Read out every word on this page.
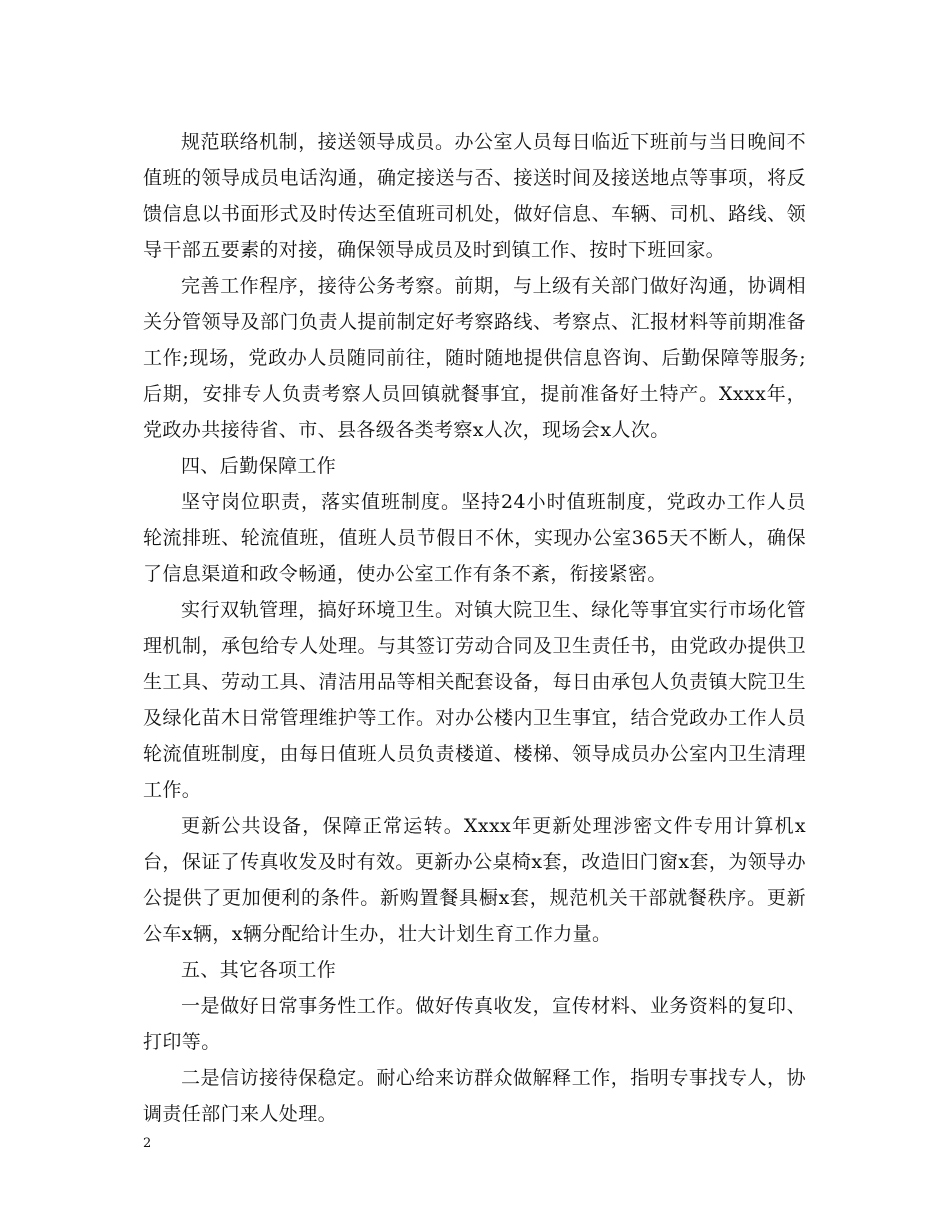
规范联络机制，接送领导成员。办公室人员每日临近下班前与当日晚间不值班的领导成员电话沟通，确定接送与否、接送时间及接送地点等事项，将反馈信息以书面形式及时传达至值班司机处，做好信息、车辆、司机、路线、领导干部五要素的对接，确保领导成员及时到镇工作、按时下班回家。

完善工作程序，接待公务考察。前期，与上级有关部门做好沟通，协调相关分管领导及部门负责人提前制定好考察路线、考察点、汇报材料等前期准备工作;现场，党政办人员随同前往，随时随地提供信息咨询、后勤保障等服务;后期，安排专人负责考察人员回镇就餐事宜，提前准备好土特产。Xxxx年，党政办共接待省、市、县各级各类考察x人次，现场会x人次。

四、后勤保障工作

坚守岗位职责，落实值班制度。坚持24小时值班制度，党政办工作人员轮流排班、轮流值班，值班人员节假日不休，实现办公室365天不断人，确保了信息渠道和政令畅通，使办公室工作有条不紊，衔接紧密。

实行双轨管理，搞好环境卫生。对镇大院卫生、绿化等事宜实行市场化管理机制，承包给专人处理。与其签订劳动合同及卫生责任书，由党政办提供卫生工具、劳动工具、清洁用品等相关配套设备，每日由承包人负责镇大院卫生及绿化苗木日常管理维护等工作。对办公楼内卫生事宜，结合党政办工作人员轮流值班制度，由每日值班人员负责楼道、楼梯、领导成员办公室内卫生清理工作。

更新公共设备，保障正常运转。Xxxx年更新处理涉密文件专用计算机x台，保证了传真收发及时有效。更新办公桌椅x套，改造旧门窗x套，为领导办公提供了更加便利的条件。新购置餐具橱x套，规范机关干部就餐秩序。更新公车x辆，x辆分配给计生办，壮大计划生育工作力量。

五、其它各项工作

一是做好日常事务性工作。做好传真收发，宣传材料、业务资料的复印、打印等。

二是信访接待保稳定。耐心给来访群众做解释工作，指明专事找专人，协调责任部门来人处理。

2
